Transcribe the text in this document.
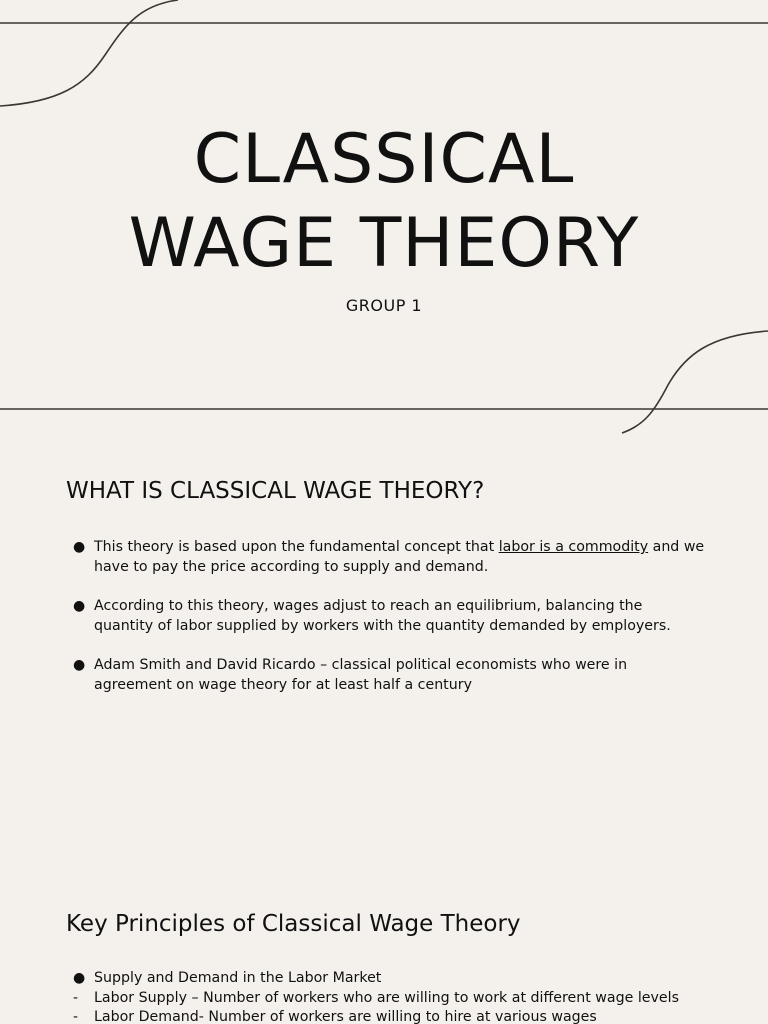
CLASSICAL
WAGE THEORY
GROUP 1
WHAT IS CLASSICAL WAGE THEORY?
● This theory is based upon the fundamental concept that labor is a commodity and we have to pay the price according to supply and demand.
● According to this theory, wages adjust to reach an equilibrium, balancing the quantity of labor supplied by workers with the quantity demanded by employers.
● Adam Smith and David Ricardo – classical political economists who were in agreement on wage theory for at least half a century
Key Principles of Classical Wage Theory
● Supply and Demand in the Labor Market
- Labor Supply – Number of workers who are willing to work at different wage levels
- Labor Demand- Number of workers are willing to hire at various wages
